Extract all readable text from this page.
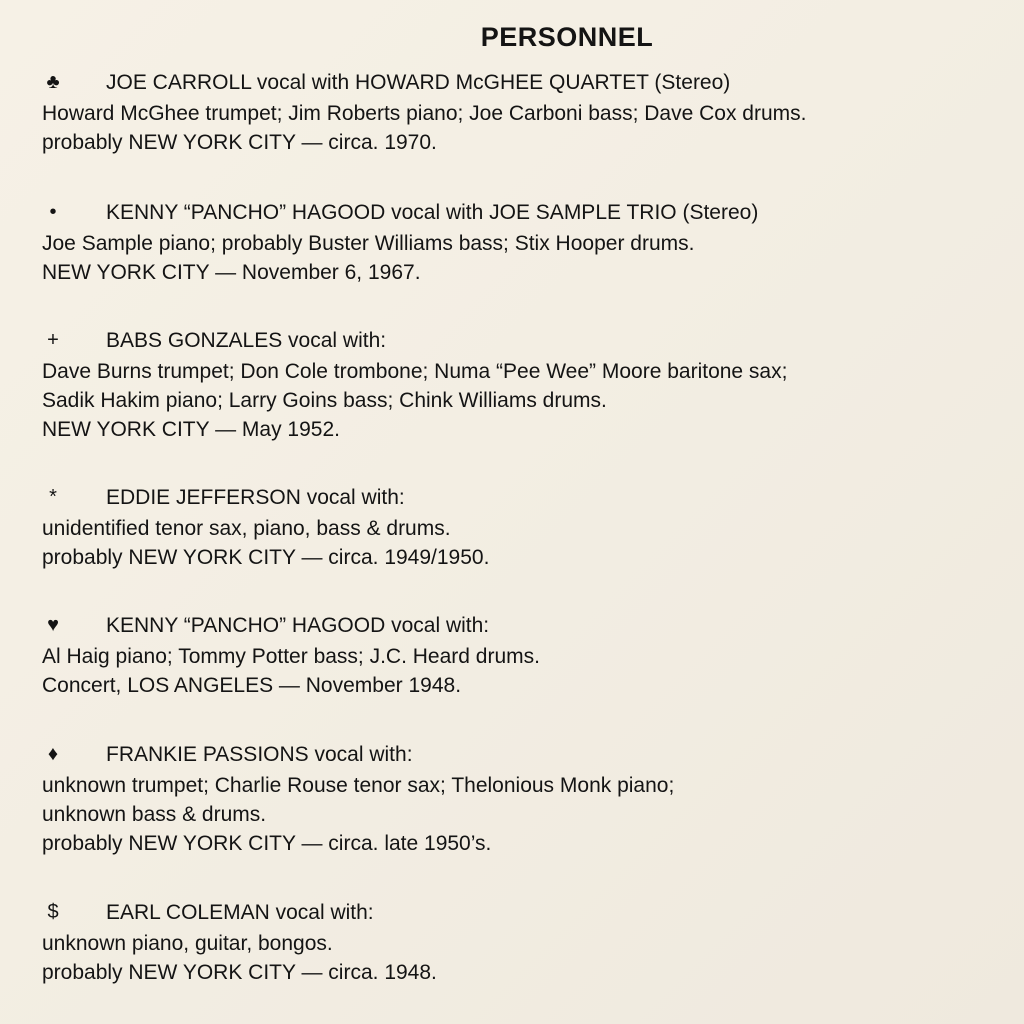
PERSONNEL
♣ JOE CARROLL vocal with HOWARD McGHEE QUARTET (Stereo)
Howard McGhee trumpet; Jim Roberts piano; Joe Carboni bass; Dave Cox drums.
probably NEW YORK CITY — circa. 1970.
•	KENNY “PANCHO” HAGOOD vocal with JOE SAMPLE TRIO (Stereo)
Joe Sample piano; probably Buster Williams bass; Stix Hooper drums.
NEW YORK CITY — November 6, 1967.
+ BABS GONZALES vocal with:
Dave Burns trumpet; Don Cole trombone; Numa “Pee Wee” Moore baritone sax;
Sadik Hakim piano; Larry Goins bass; Chink Williams drums.
NEW YORK CITY — May 1952.
*	EDDIE JEFFERSON vocal with:
unidentified tenor sax, piano, bass & drums.
probably NEW YORK CITY — circa. 1949/1950.
♥ KENNY “PANCHO” HAGOOD vocal with:
Al Haig piano; Tommy Potter bass; J.C. Heard drums.
Concert, LOS ANGELES — November 1948.
♦ FRANKIE PASSIONS vocal with:
unknown trumpet; Charlie Rouse tenor sax; Thelonious Monk piano;
unknown bass & drums.
probably NEW YORK CITY — circa. late 1950’s.
$ EARL COLEMAN vocal with:
unknown piano, guitar, bongos.
probably NEW YORK CITY — circa. 1948.
